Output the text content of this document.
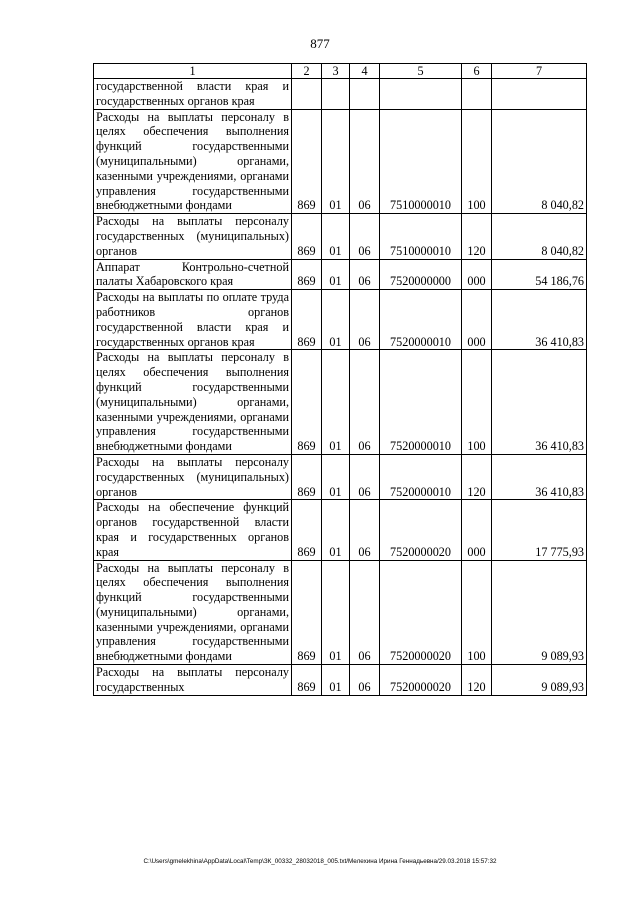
877
1	2	3	4	5	6	7
государственной власти края и государственных органов края						
Расходы на выплаты персоналу в целях обеспечения выполнения функций государственными (муниципальными) органами, казенными учреждениями, органами управления государственными внебюджетными фондами	869	01	06	7510000010	100	8 040,82
Расходы на выплаты персоналу государственных (муниципальных) органов	869	01	06	7510000010	120	8 040,82
Аппарат Контрольно-счетной палаты Хабаровского края	869	01	06	7520000000	000	54 186,76
Расходы на выплаты по оплате труда работников органов государственной власти края и государственных органов края	869	01	06	7520000010	000	36 410,83
Расходы на выплаты персоналу в целях обеспечения выполнения функций государственными (муниципальными) органами, казенными учреждениями, органами управления государственными внебюджетными фондами	869	01	06	7520000010	100	36 410,83
Расходы на выплаты персоналу государственных (муниципальных) органов	869	01	06	7520000010	120	36 410,83
Расходы на обеспечение функций органов государственной власти края и государственных органов края	869	01	06	7520000020	000	17 775,93
Расходы на выплаты персоналу в целях обеспечения выполнения функций государственными (муниципальными) органами, казенными учреждениями, органами управления государственными внебюджетными фондами	869	01	06	7520000020	100	9 089,93
Расходы на выплаты персоналу государственных	869	01	06	7520000020	120	9 089,93
C:\Users\gmelekhina\AppData\Local\Temp\ЗК_00332_28032018_005.txt/Мелехина Ирина Геннадьевна/29.03.2018 15:57:32
